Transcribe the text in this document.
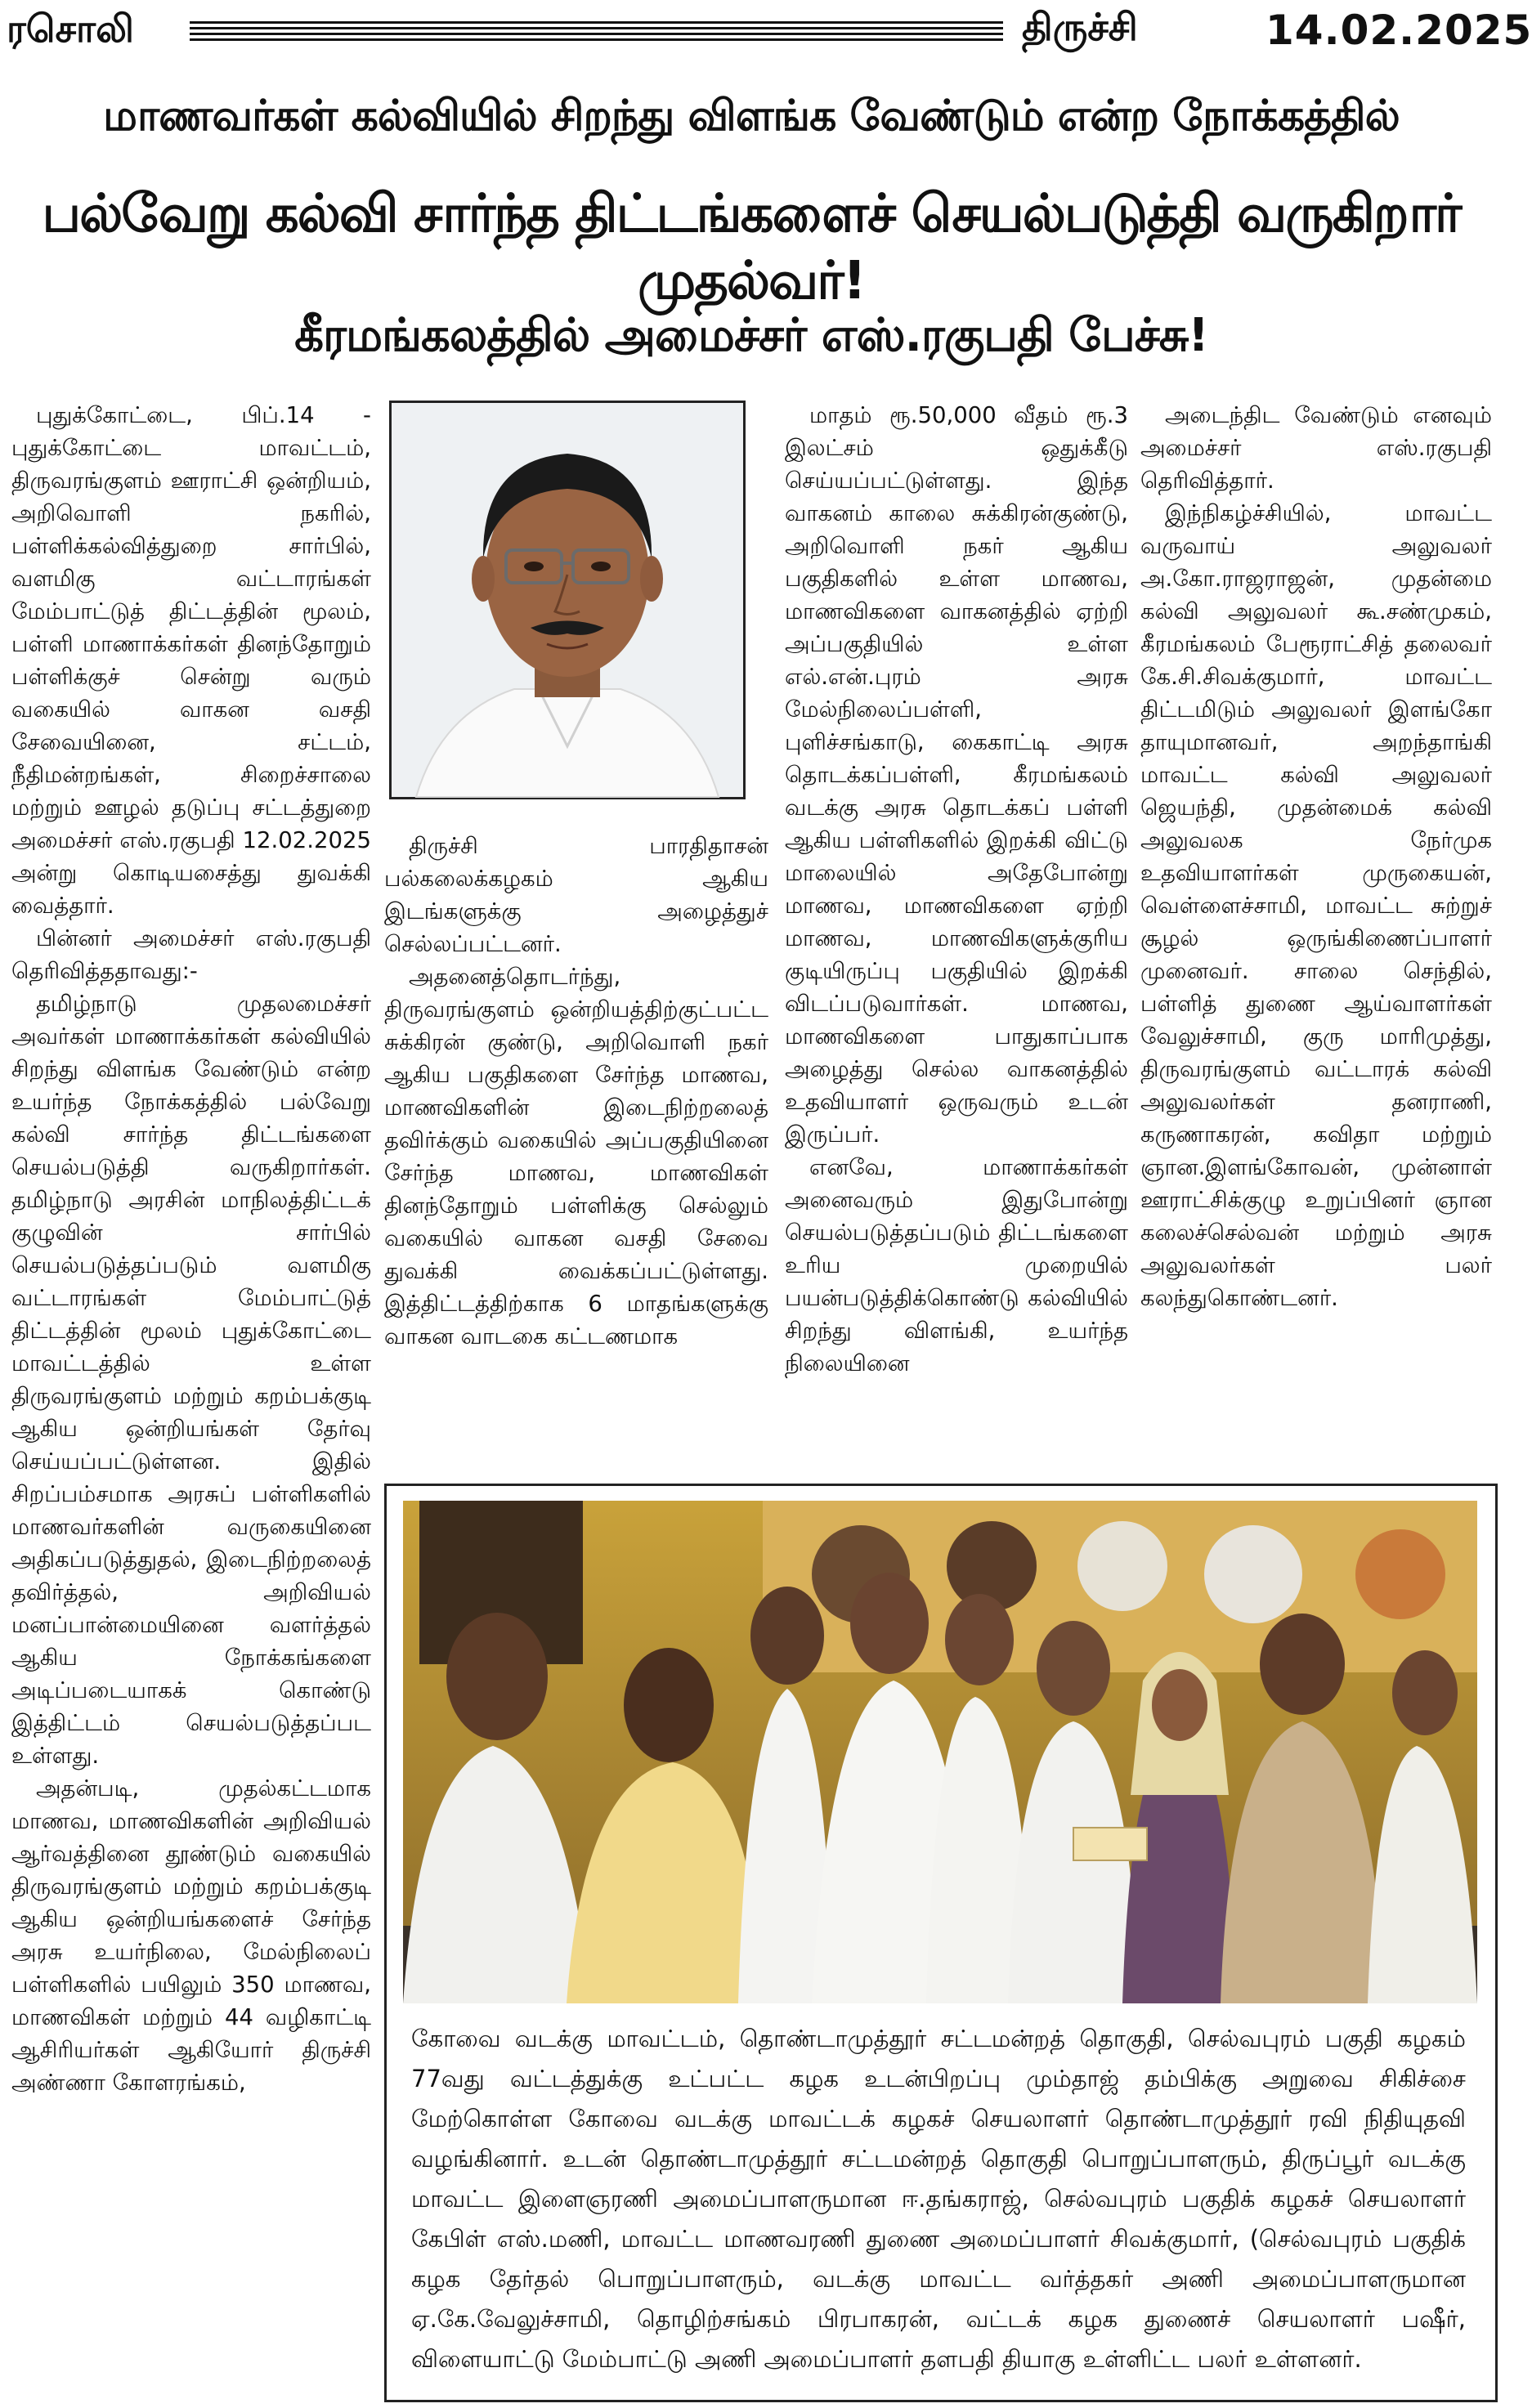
ரசொலி	திருச்சி	14.02.2025
மாணவர்கள் கல்வியில் சிறந்து விளங்க வேண்டும் என்ற நோக்கத்தில்
பல்வேறு கல்வி சார்ந்த திட்டங்களைச் செயல்படுத்தி வருகிறார் முதல்வர்!
கீரமங்கலத்தில் அமைச்சர் எஸ்.ரகுபதி பேச்சு!

புதுக்கோட்டை, பிப்.14 - புதுக்கோட்டை மாவட்டம், திருவரங்குளம் ஊராட்சி ஒன்றியம், அறிவொளி நகரில், பள்ளிக்கல்வித்துறை சார்பில், வளமிகு வட்டாரங்கள் மேம்பாட்டுத் திட்டத்தின் மூலம், பள்ளி மாணாக்கர்கள் தினந்தோறும் பள்ளிக்குச் சென்று வரும் வகையில் வாகன வசதி சேவையினை, சட்டம், நீதிமன்றங்கள், சிறைச்சாலை மற்றும் ஊழல் தடுப்பு சட்டத்துறை அமைச்சர் எஸ்.ரகுபதி 12.02.2025 அன்று கொடியசைத்து துவக்கி வைத்தார்.

பின்னர் அமைச்சர் எஸ்.ரகுபதி தெரிவித்ததாவது:-

தமிழ்நாடு முதலமைச்சர் அவர்கள் மாணாக்கர்கள் கல்வியில் சிறந்து விளங்க வேண்டும் என்ற உயர்ந்த நோக்கத்தில் பல்வேறு கல்வி சார்ந்த திட்டங்களை செயல்படுத்தி வருகிறார்கள். தமிழ்நாடு அரசின் மாநிலத்திட்டக் குழுவின் சார்பில் செயல்படுத்தப்படும் வளமிகு வட்டாரங்கள் மேம்பாட்டுத் திட்டத்தின் மூலம் புதுக்கோட்டை மாவட்டத்தில் உள்ள திருவரங்குளம் மற்றும் கறம்பக்குடி ஆகிய ஒன்றியங்கள் தேர்வு செய்யப்பட்டுள்ளன. இதில் சிறப்பம்சமாக அரசுப் பள்ளிகளில் மாணவர்களின் வருகையினை அதிகப்படுத்துதல், இடைநிற்றலைத் தவிர்த்தல், அறிவியல் மனப்பான்மையினை வளர்த்தல் ஆகிய நோக்கங்களை அடிப்படையாகக் கொண்டு இத்திட்டம் செயல்படுத்தப்பட உள்ளது.

அதன்படி, முதல்கட்டமாக மாணவ, மாணவிகளின் அறிவியல் ஆர்வத்தினை தூண்டும் வகையில் திருவரங்குளம் மற்றும் கறம்பக்குடி ஆகிய ஒன்றியங்களைச் சேர்ந்த அரசு உயர்நிலை, மேல்நிலைப் பள்ளிகளில் பயிலும் 350 மாணவ, மாணவிகள் மற்றும் 44 வழிகாட்டி ஆசிரியர்கள் ஆகியோர் திருச்சி அண்ணா கோளரங்கம்,

திருச்சி பாரதிதாசன் பல்கலைக்கழகம் ஆகிய இடங்களுக்கு அழைத்துச் செல்லப்பட்டனர்.

அதனைத்தொடர்ந்து, திருவரங்குளம் ஒன்றியத்திற்குட்பட்ட சுக்கிரன் குண்டு, அறிவொளி நகர் ஆகிய பகுதிகளை சேர்ந்த மாணவ, மாணவிகளின் இடைநிற்றலைத் தவிர்க்கும் வகையில் அப்பகுதியினை சேர்ந்த மாணவ, மாணவிகள் தினந்தோறும் பள்ளிக்கு செல்லும் வகையில் வாகன வசதி சேவை துவக்கி வைக்கப்பட்டுள்ளது. இத்திட்டத்திற்காக 6 மாதங்களுக்கு வாகன வாடகை கட்டணமாக

மாதம் ரூ.50,000 வீதம் ரூ.3 இலட்சம் ஒதுக்கீடு செய்யப்பட்டுள்ளது. இந்த வாகனம் காலை சுக்கிரன்குண்டு, அறிவொளி நகர் ஆகிய பகுதிகளில் உள்ள மாணவ, மாணவிகளை வாகனத்தில் ஏற்றி அப்பகுதியில் உள்ள எல்.என்.புரம் அரசு மேல்நிலைப்பள்ளி, புளிச்சங்காடு, கைகாட்டி அரசு தொடக்கப்பள்ளி, கீரமங்கலம் வடக்கு அரசு தொடக்கப் பள்ளி ஆகிய பள்ளிகளில் இறக்கி விட்டு மாலையில் அதேபோன்று மாணவ, மாணவிகளை ஏற்றி மாணவ, மாணவிகளுக்குரிய குடியிருப்பு பகுதியில் இறக்கி விடப்படுவார்கள். மாணவ, மாணவிகளை பாதுகாப்பாக அழைத்து செல்ல வாகனத்தில் உதவியாளர் ஒருவரும் உடன் இருப்பர்.

எனவே, மாணாக்கர்கள் அனைவரும் இதுபோன்று செயல்படுத்தப்படும் திட்டங்களை உரிய முறையில் பயன்படுத்திக்கொண்டு கல்வியில் சிறந்து விளங்கி, உயர்ந்த நிலையினை

அடைந்திட வேண்டும் எனவும் அமைச்சர் எஸ்.ரகுபதி தெரிவித்தார்.

இந்நிகழ்ச்சியில், மாவட்ட வருவாய் அலுவலர் அ.கோ.ராஜராஜன், முதன்மை கல்வி அலுவலர் கூ.சண்முகம், கீரமங்கலம் பேரூராட்சித் தலைவர் கே.சி.சிவக்குமார், மாவட்ட திட்டமிடும் அலுவலர் இளங்கோ தாயுமானவர், அறந்தாங்கி மாவட்ட கல்வி அலுவலர் ஜெயந்தி, முதன்மைக் கல்வி அலுவலக நேர்முக உதவியாளர்கள் முருகையன், வெள்ளைச்சாமி, மாவட்ட சுற்றுச் சூழல் ஒருங்கிணைப்பாளர் முனைவர். சாலை செந்தில், பள்ளித் துணை ஆய்வாளர்கள் வேலுச்சாமி, குரு மாரிமுத்து, திருவரங்குளம் வட்டாரக் கல்வி அலுவலர்கள் தனராணி, கருணாகரன், கவிதா மற்றும் ஞான.இளங்கோவன், முன்னாள் ஊராட்சிக்குழு உறுப்பினர் ஞான கலைச்செல்வன் மற்றும் அரசு அலுவலர்கள் பலர் கலந்துகொண்டனர்.

கோவை வடக்கு மாவட்டம், தொண்டாமுத்தூர் சட்டமன்றத் தொகுதி, செல்வபுரம் பகுதி கழகம் 77வது வட்டத்துக்கு உட்பட்ட கழக உடன்பிறப்பு மும்தாஜ் தம்பிக்கு அறுவை சிகிச்சை மேற்கொள்ள கோவை வடக்கு மாவட்டக் கழகச் செயலாளர் தொண்டாமுத்தூர் ரவி நிதியுதவி வழங்கினார். உடன் தொண்டாமுத்தூர் சட்டமன்றத் தொகுதி பொறுப்பாளரும், திருப்பூர் வடக்கு மாவட்ட இளைஞரணி அமைப்பாளருமான ஈ.தங்கராஜ், செல்வபுரம் பகுதிக் கழகச் செயலாளர் கேபிள் எஸ்.மணி, மாவட்ட மாணவரணி துணை அமைப்பாளர் சிவக்குமார், (செல்வபுரம் பகுதிக் கழக தேர்தல் பொறுப்பாளரும், வடக்கு மாவட்ட வர்த்தகர் அணி அமைப்பாளருமான ஏ.கே.வேலுச்சாமி, தொழிற்சங்கம் பிரபாகரன், வட்டக் கழக துணைச் செயலாளர் பஷீர், விளையாட்டு மேம்பாட்டு அணி அமைப்பாளர் தளபதி தியாகு உள்ளிட்ட பலர் உள்ளனர்.
